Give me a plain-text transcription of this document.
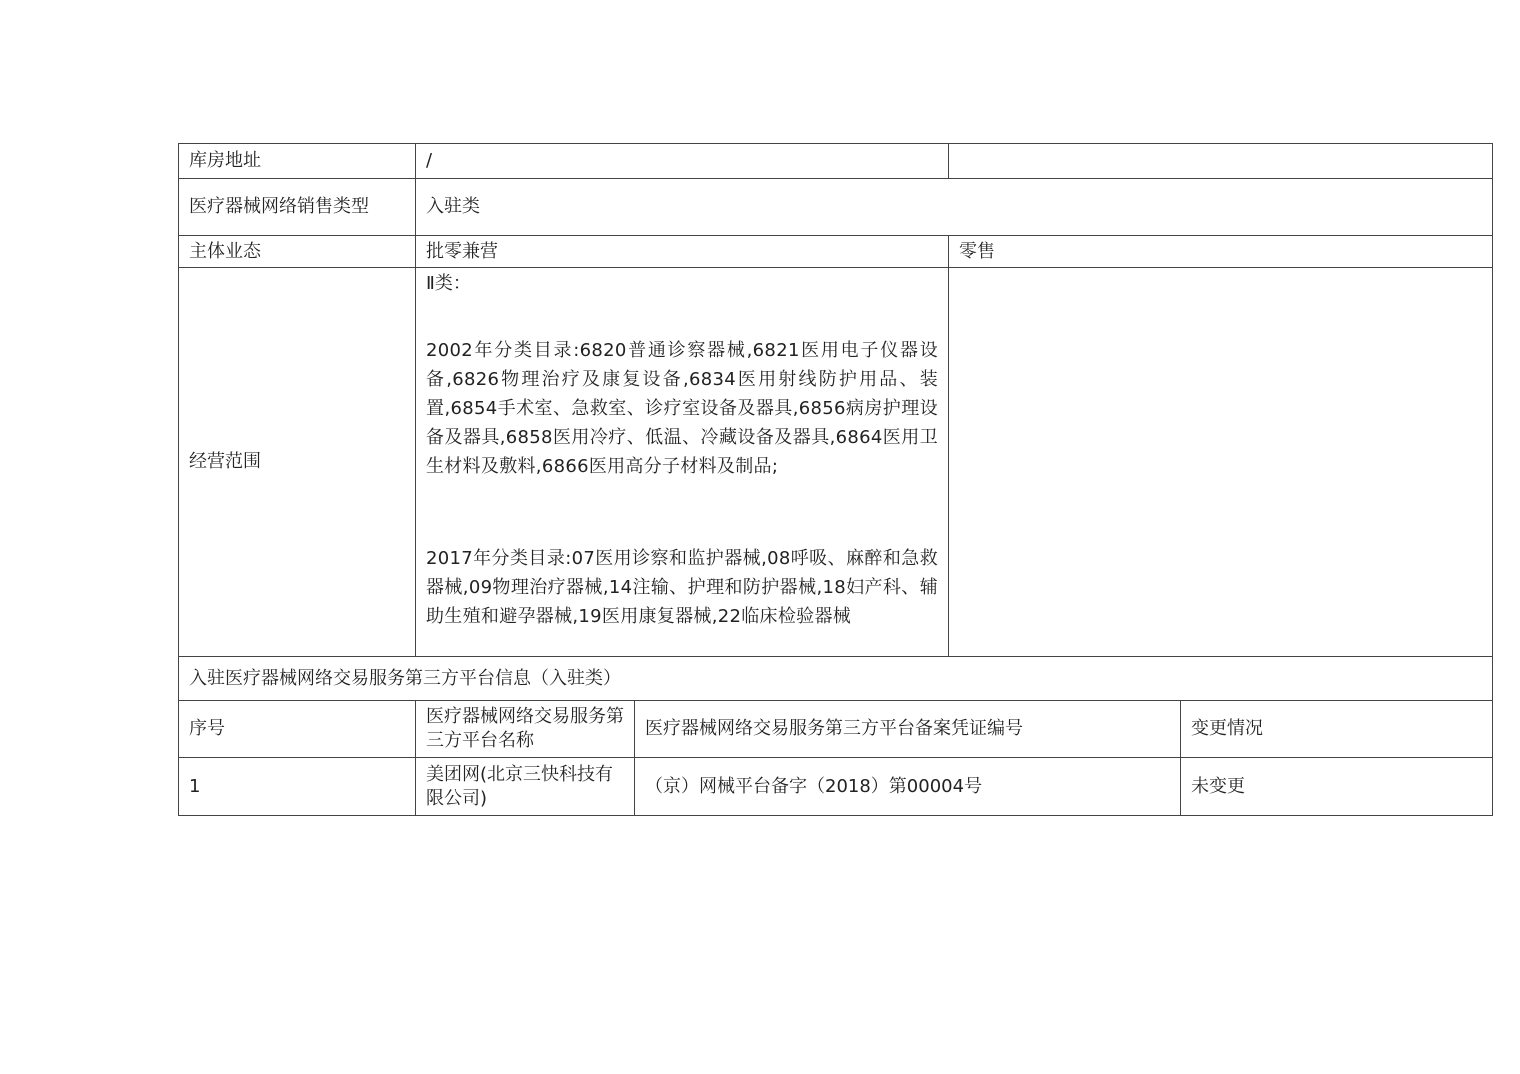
库房地址	/			
医疗器械网络销售类型	入驻类			
主体业态	批零兼营		零售	
经营范围	Ⅱ类：

2002年分类目录:6820普通诊察器械,6821医用电子仪器设备,6826物理治疗及康复设备,6834医用射线防护用品、装置,6854手术室、急救室、诊疗室设备及器具,6856病房护理设备及器具,6858医用冷疗、低温、冷藏设备及器具,6864医用卫生材料及敷料,6866医用高分子材料及制品;

2017年分类目录:07医用诊察和监护器械,08呼吸、麻醉和急救器械,09物理治疗器械,14注输、护理和防护器械,18妇产科、辅助生殖和避孕器械,19医用康复器械,22临床检验器械			

入驻医疗器械网络交易服务第三方平台信息（入驻类）				
序号	医疗器械网络交易服务第三方平台名称	医疗器械网络交易服务第三方平台备案凭证编号		变更情况
1	美团网(北京三快科技有限公司)	（京）网械平台备字（2018）第00004号		未变更
